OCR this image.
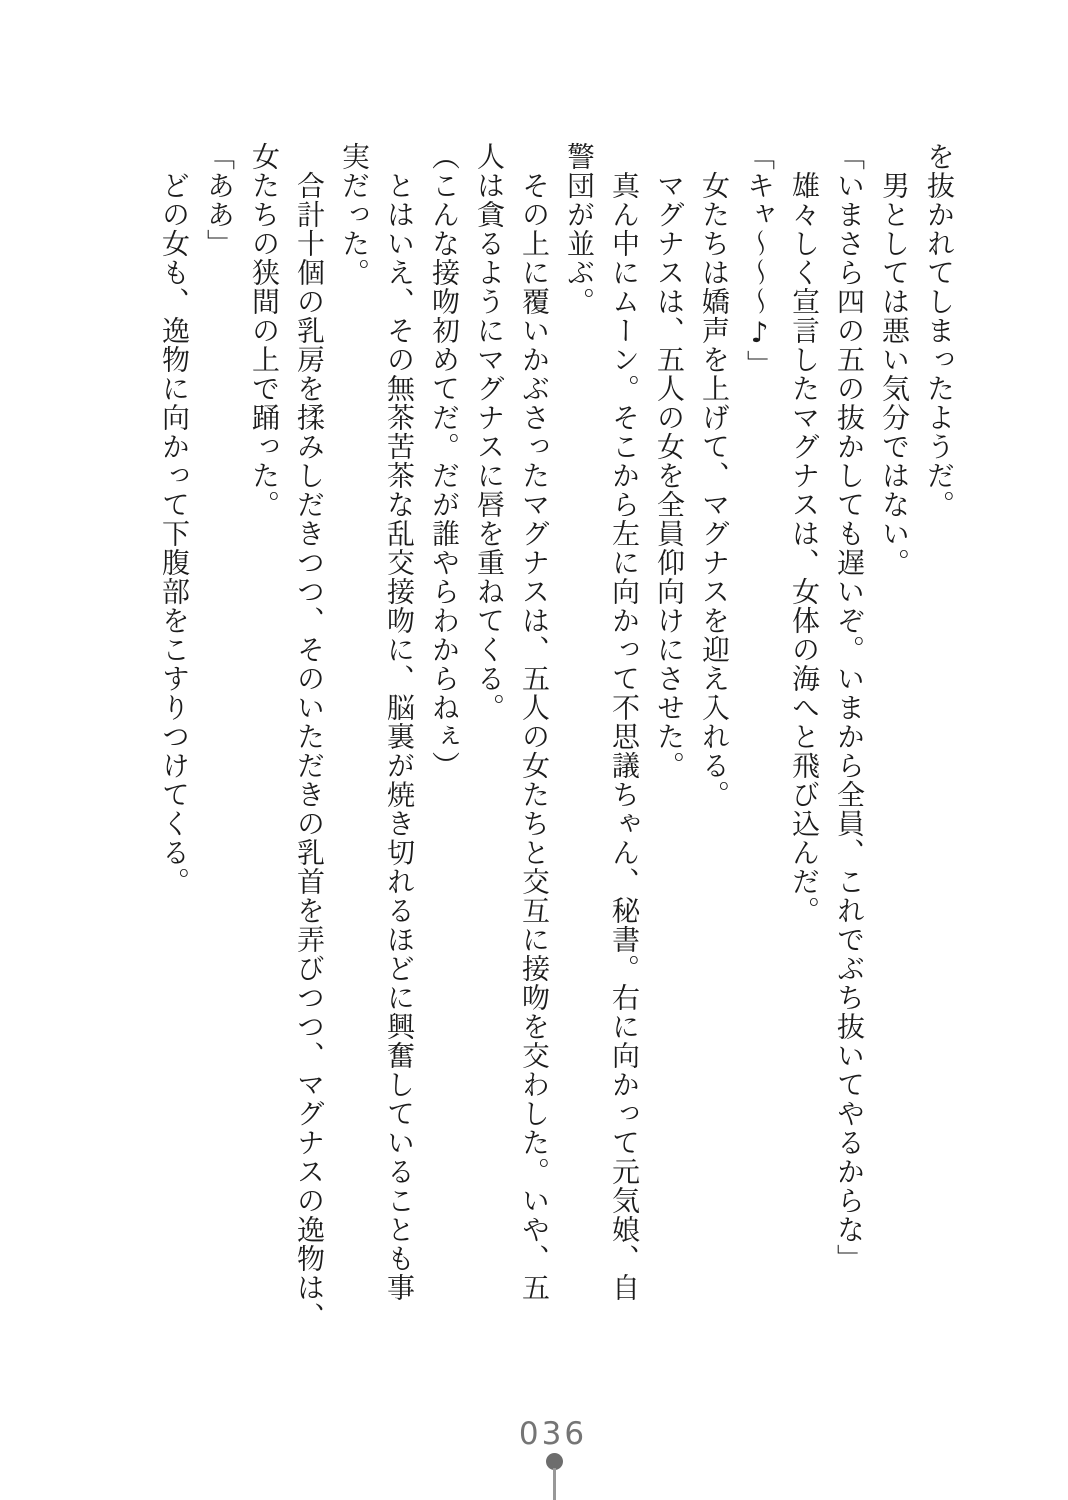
を抜かれてしまったようだ。

男としては悪い気分ではない。

「いまさら四の五の抜かしても遅いぞ。いまから全員、これでぶち抜いてやるからな」

雄々しく宣言したマグナスは、女体の海へと飛び込んだ。

「キャ～～～♪」

女たちは嬌声を上げて、マグナスを迎え入れる。

マグナスは、五人の女を全員仰向けにさせた。

真ん中にムーン。そこから左に向かって不思議ちゃん、秘書。右に向かって元気娘、自

警団が並ぶ。

その上に覆いかぶさったマグナスは、五人の女たちと交互に接吻を交わした。いや、五

人は貪るようにマグナスに唇を重ねてくる。

（こんな接吻初めてだ。だが誰やらわからねぇ）

とはいえ、その無茶苦茶な乱交接吻に、脳裏が焼き切れるほどに興奮していることも事

実だった。

合計十個の乳房を揉みしだきつつ、そのいただきの乳首を弄びつつ、マグナスの逸物は、

女たちの狭間の上で踊った。

「ああ」

どの女も、逸物に向かって下腹部をこすりつけてくる。

036
